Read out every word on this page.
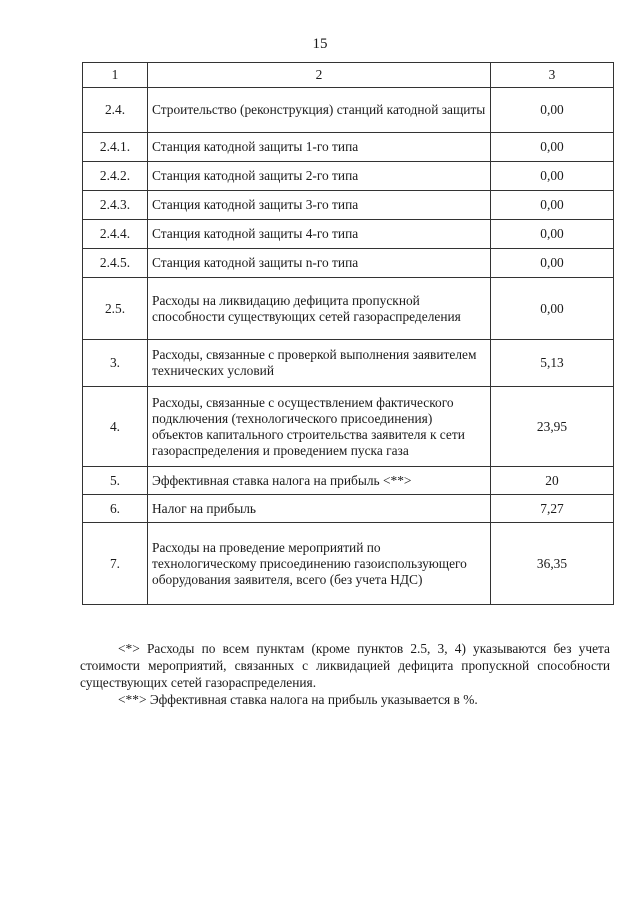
15
1	2	3
2.4.	Строительство (реконструкция) станций катодной защиты	0,00
2.4.1.	Станция катодной защиты 1-го типа	0,00
2.4.2.	Станция катодной защиты 2-го типа	0,00
2.4.3.	Станция катодной защиты 3-го типа	0,00
2.4.4.	Станция катодной защиты 4-го типа	0,00
2.4.5.	Станция катодной защиты n-го типа	0,00
2.5.	Расходы на ликвидацию дефицита пропускной способности существующих сетей газораспределения	0,00
3.	Расходы, связанные с проверкой выполнения заявителем технических условий	5,13
4.	Расходы, связанные с осуществлением фактического подключения (технологического присоединения) объектов капитального строительства заявителя к сети газораспределения и проведением пуска газа	23,95
5.	Эффективная ставка налога на прибыль <**>	20
6.	Налог на прибыль	7,27
7.	Расходы на проведение мероприятий по технологическому присоединению газоиспользующего оборудования заявителя, всего (без учета НДС)	36,35

<*> Расходы по всем пунктам (кроме пунктов 2.5, 3, 4) указываются без учета стоимости мероприятий, связанных с ликвидацией дефицита пропускной способности существующих сетей газораспределения.

<**> Эффективная ставка налога на прибыль указывается в %.
